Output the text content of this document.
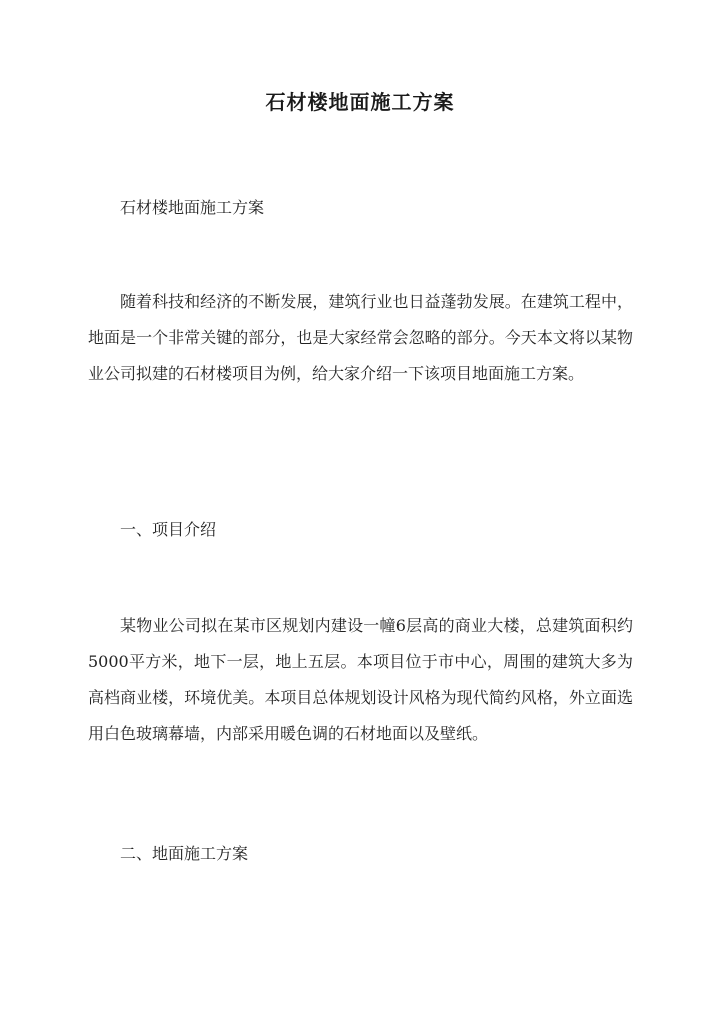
石材楼地面施工方案

石材楼地面施工方案

随着科技和经济的不断发展，建筑行业也日益蓬勃发展。在建筑工程中，地面是一个非常关键的部分，也是大家经常会忽略的部分。今天本文将以某物业公司拟建的石材楼项目为例，给大家介绍一下该项目地面施工方案。

一、项目介绍

某物业公司拟在某市区规划内建设一幢6层高的商业大楼，总建筑面积约5000平方米，地下一层，地上五层。本项目位于市中心，周围的建筑大多为高档商业楼，环境优美。本项目总体规划设计风格为现代简约风格，外立面选用白色玻璃幕墙，内部采用暖色调的石材地面以及壁纸。

二、地面施工方案
